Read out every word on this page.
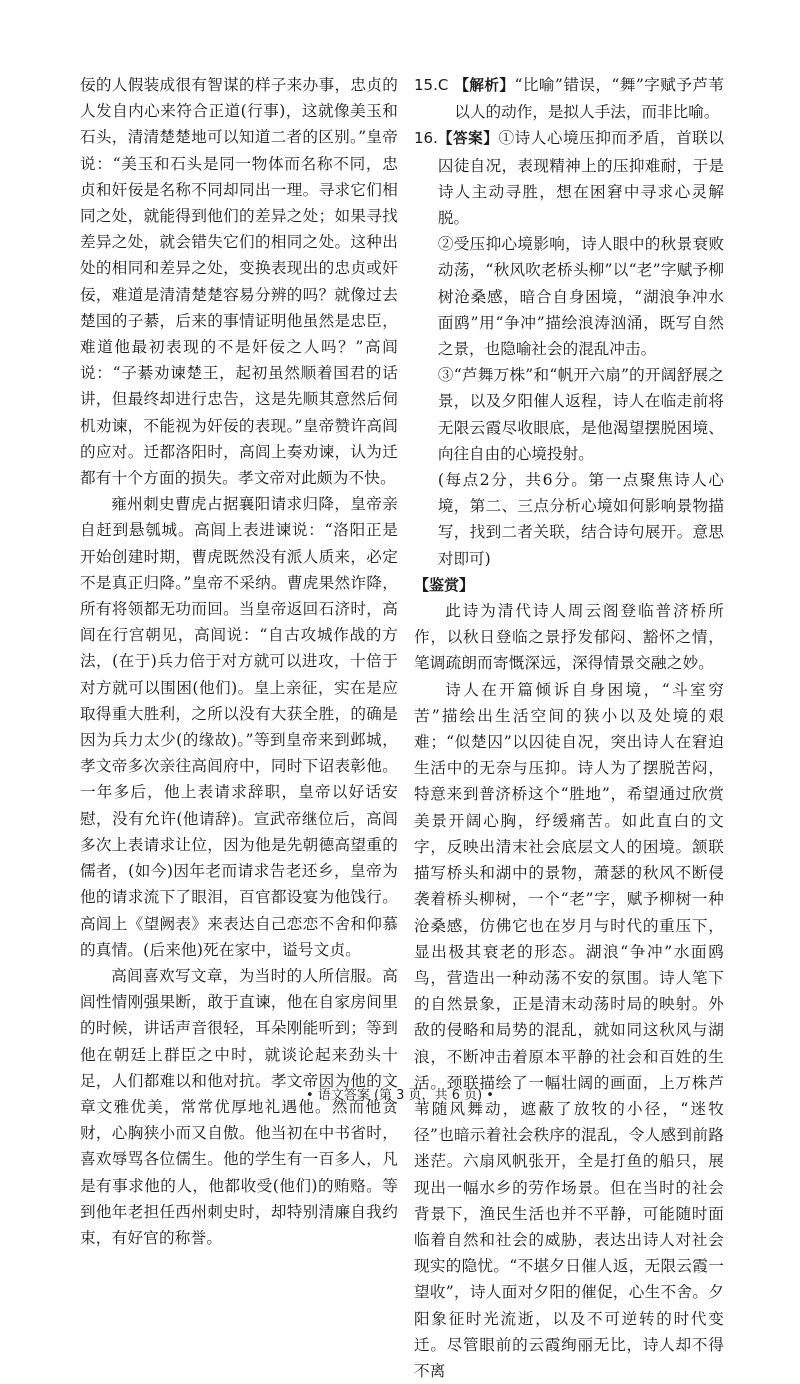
佞的人假装成很有智谋的样子来办事，忠贞的人发自内心来符合正道(行事)，这就像美玉和石头，清清楚楚地可以知道二者的区别。”皇帝说：“美玉和石头是同一物体而名称不同，忠贞和奸佞是名称不同却同出一理。寻求它们相同之处，就能得到他们的差异之处；如果寻找差异之处，就会错失它们的相同之处。这种出处的相同和差异之处，变换表现出的忠贞或奸佞，难道是清清楚楚容易分辨的吗？就像过去楚国的子綦，后来的事情证明他虽然是忠臣，难道他最初表现的不是奸佞之人吗？”高闾说：“子綦劝谏楚王，起初虽然顺着国君的话讲，但最终却进行忠告，这是先顺其意然后伺机劝谏，不能视为奸佞的表现。”皇帝赞许高闾的应对。迁都洛阳时，高闾上奏劝谏，认为迁都有十个方面的损失。孝文帝对此颇为不快。

雍州刺史曹虎占据襄阳请求归降，皇帝亲自赶到悬瓠城。高闾上表进谏说：“洛阳正是开始创建时期，曹虎既然没有派人质来，必定不是真正归降。”皇帝不采纳。曹虎果然诈降，所有将领都无功而回。当皇帝返回石济时，高闾在行宫朝见，高闾说：“自古攻城作战的方法，(在于)兵力倍于对方就可以进攻，十倍于对方就可以围困(他们)。皇上亲征，实在是应取得重大胜利，之所以没有大获全胜，的确是因为兵力太少(的缘故)。”等到皇帝来到邺城，孝文帝多次亲往高闾府中，同时下诏表彰他。一年多后，他上表请求辞职，皇帝以好话安慰，没有允许(他请辞)。宣武帝继位后，高闾多次上表请求让位，因为他是先朝德高望重的儒者，(如今)因年老而请求告老还乡，皇帝为他的请求流下了眼泪，百官都设宴为他饯行。高闾上《望阙表》来表达自己恋恋不舍和仰慕的真情。(后来他)死在家中，谥号文贞。

高闾喜欢写文章，为当时的人所信服。高闾性情刚强果断，敢于直谏，他在自家房间里的时候，讲话声音很轻，耳朵刚能听到；等到他在朝廷上群臣之中时，就谈论起来劲头十足，人们都难以和他对抗。孝文帝因为他的文章文雅优美，常常优厚地礼遇他。然而他贪财，心胸狭小而又自傲。他当初在中书省时，喜欢辱骂各位儒生。他的学生有一百多人，凡是有事求他的人，他都收受(他们)的贿赂。等到他年老担任西州刺史时，却特别清廉自我约束，有好官的称誉。

15.C 【解析】“比喻”错误，“舞”字赋予芦苇以人的动作，是拟人手法，而非比喻。
16. 【答案】①诗人心境压抑而矛盾，首联以囚徒自况，表现精神上的压抑难耐，于是诗人主动寻胜，想在困窘中寻求心灵解脱。
②受压抑心境影响，诗人眼中的秋景衰败动荡，“秋风吹老桥头柳”以“老”字赋予柳树沧桑感，暗合自身困境，“湖浪争冲水面鸥”用“争冲”描绘浪涛汹涌，既写自然之景，也隐喻社会的混乱冲击。
③“芦舞万株”和“帆开六扇”的开阔舒展之景，以及夕阳催人返程，诗人在临走前将无限云霞尽收眼底，是他渴望摆脱困境、向往自由的心境投射。
(每点2分，共6分。第一点聚焦诗人心境，第二、三点分析心境如何影响景物描写，找到二者关联，结合诗句展开。意思对即可)
【鉴赏】

此诗为清代诗人周云阁登临普济桥所作，以秋日登临之景抒发郁闷、豁怀之情，笔调疏朗而寄慨深远，深得情景交融之妙。

诗人在开篇倾诉自身困境，“斗室穷苦”描绘出生活空间的狭小以及处境的艰难；“似楚囚”以囚徒自况，突出诗人在窘迫生活中的无奈与压抑。诗人为了摆脱苦闷，特意来到普济桥这个“胜地”，希望通过欣赏美景开阔心胸，纾缓痛苦。如此直白的文字，反映出清末社会底层文人的困境。颔联描写桥头和湖中的景物，萧瑟的秋风不断侵袭着桥头柳树，一个“老”字，赋予柳树一种沧桑感，仿佛它也在岁月与时代的重压下，显出极其衰老的形态。湖浪“争冲”水面鸥鸟，营造出一种动荡不安的氛围。诗人笔下的自然景象，正是清末动荡时局的映射。外敌的侵略和局势的混乱，就如同这秋风与湖浪，不断冲击着原本平静的社会和百姓的生活。颈联描绘了一幅壮阔的画面，上万株芦苇随风舞动，遮蔽了放牧的小径，“迷牧径”也暗示着社会秩序的混乱，令人感到前路迷茫。六扇风帆张开，全是打鱼的船只，展现出一幅水乡的劳作场景。但在当时的社会背景下，渔民生活也并不平静，可能随时面临着自然和社会的威胁，表达出诗人对社会现实的隐忧。“不堪夕日催人返，无限云霞一望收”，诗人面对夕阳的催促，心生不舍。夕阳象征时光流逝，以及不可逆转的时代变迁。尽管眼前的云霞绚丽无比，诗人却不得不离

• 语文答案 (第 3 页，共 6 页) •
